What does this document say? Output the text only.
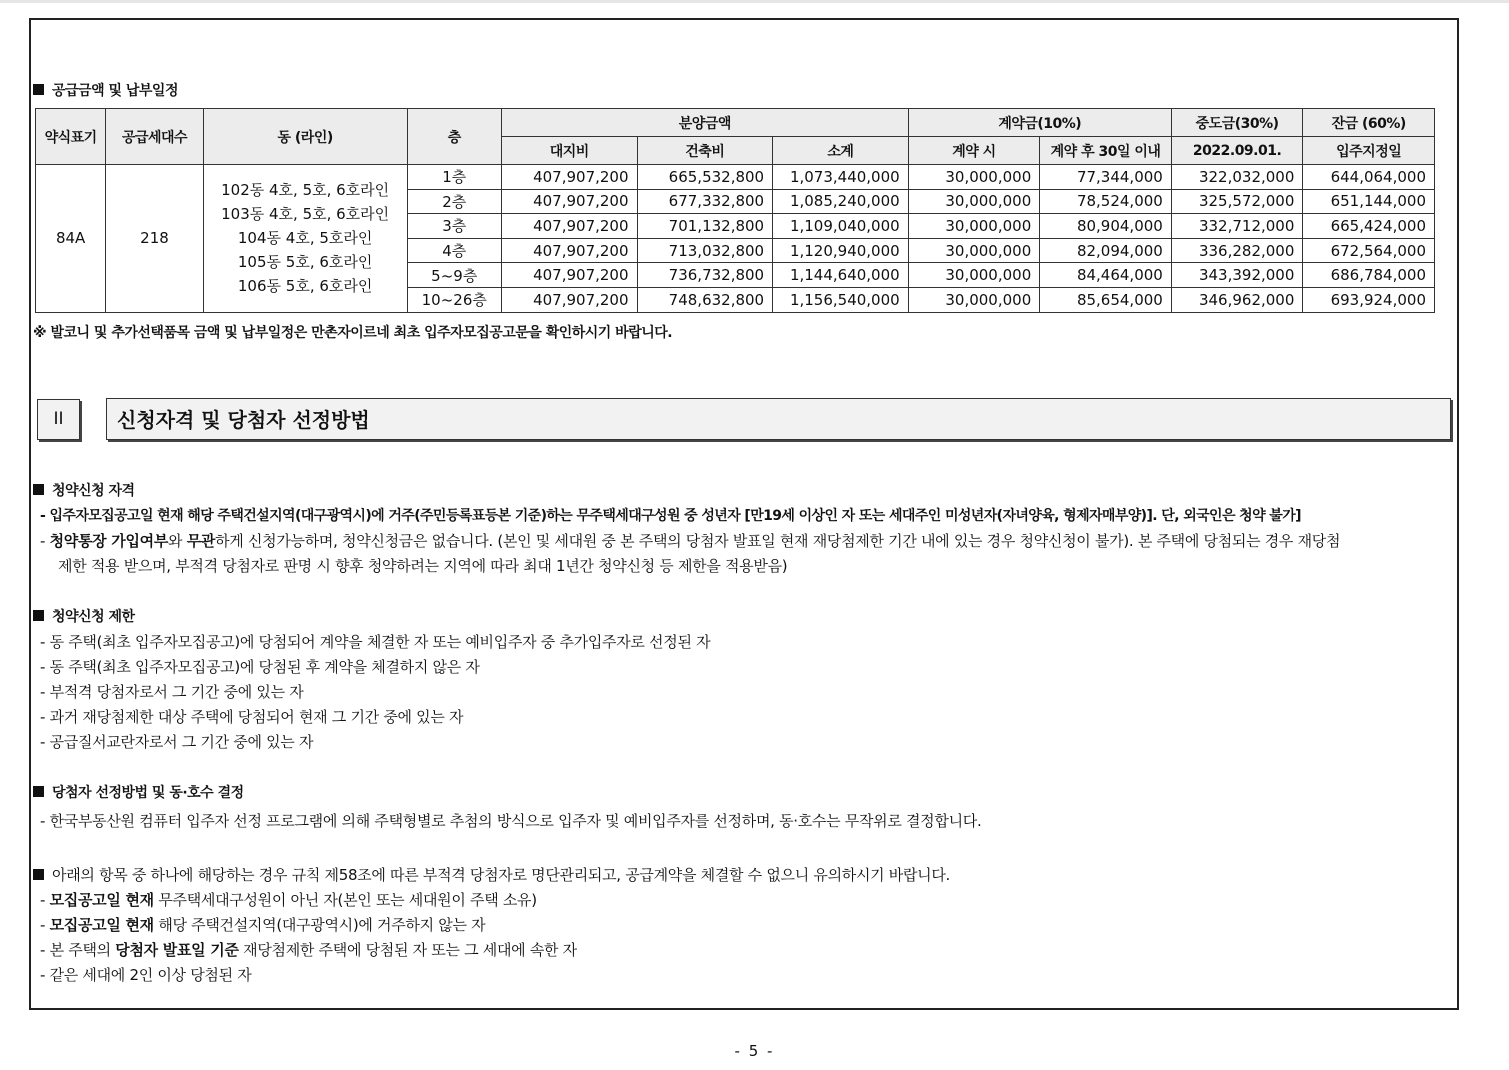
공급금액 및 납부일정
약식표기	공급세대수	동 (라인)	층	분양금액			계약금(10%)		중도금(30%)	잔금 (60%)
				대지비	건축비	소계	계약 시	계약 후 30일 이내	2022.09.01.	입주지정일
84A	218	102동 4호, 5호, 6호라인
103동 4호, 5호, 6호라인
104동 4호, 5호라인
105동 5호, 6호라인
106동 5호, 6호라인	1층	407,907,200	665,532,800	1,073,440,000	30,000,000	77,344,000	322,032,000	644,064,000
			2층	407,907,200	677,332,800	1,085,240,000	30,000,000	78,524,000	325,572,000	651,144,000
			3층	407,907,200	701,132,800	1,109,040,000	30,000,000	80,904,000	332,712,000	665,424,000
			4층	407,907,200	713,032,800	1,120,940,000	30,000,000	82,094,000	336,282,000	672,564,000
			5~9층	407,907,200	736,732,800	1,144,640,000	30,000,000	84,464,000	343,392,000	686,784,000
			10~26층	407,907,200	748,632,800	1,156,540,000	30,000,000	85,654,000	346,962,000	693,924,000
※ 발코니 및 추가선택품목 금액 및 납부일정은 만촌자이르네 최초 입주자모집공고문을 확인하시기 바랍니다.
II	신청자격 및 당첨자 선정방법
청약신청 자격
- 입주자모집공고일 현재 해당 주택건설지역(대구광역시)에 거주(주민등록표등본 기준)하는 무주택세대구성원 중 성년자 [만19세 이상인 자 또는 세대주인 미성년자(자녀양육, 형제자매부양)]. 단, 외국인은 청약 불가]
- 청약통장 가입여부와 무관하게 신청가능하며, 청약신청금은 없습니다. (본인 및 세대원 중 본 주택의 당첨자 발표일 현재 재당첨제한 기간 내에 있는 경우 청약신청이 불가). 본 주택에 당첨되는 경우 재당첨
제한 적용 받으며, 부적격 당첨자로 판명 시 향후 청약하려는 지역에 따라 최대 1년간 청약신청 등 제한을 적용받음)
청약신청 제한
- 동 주택(최초 입주자모집공고)에 당첨되어 계약을 체결한 자 또는 예비입주자 중 추가입주자로 선정된 자
- 동 주택(최초 입주자모집공고)에 당첨된 후 계약을 체결하지 않은 자
- 부적격 당첨자로서 그 기간 중에 있는 자
- 과거 재당첨제한 대상 주택에 당첨되어 현재 그 기간 중에 있는 자
- 공급질서교란자로서 그 기간 중에 있는 자
당첨자 선정방법 및 동·호수 결정
- 한국부동산원 컴퓨터 입주자 선정 프로그램에 의해 주택형별로 추첨의 방식으로 입주자 및 예비입주자를 선정하며, 동·호수는 무작위로 결정합니다.
아래의 항목 중 하나에 해당하는 경우 규칙 제58조에 따른 부적격 당첨자로 명단관리되고, 공급계약을 체결할 수 없으니 유의하시기 바랍니다.
- 모집공고일 현재 무주택세대구성원이 아닌 자(본인 또는 세대원이 주택 소유)
- 모집공고일 현재 해당 주택건설지역(대구광역시)에 거주하지 않는 자
- 본 주택의 당첨자 발표일 기준 재당첨제한 주택에 당첨된 자 또는 그 세대에 속한 자
- 같은 세대에 2인 이상 당첨된 자
- 5 -
